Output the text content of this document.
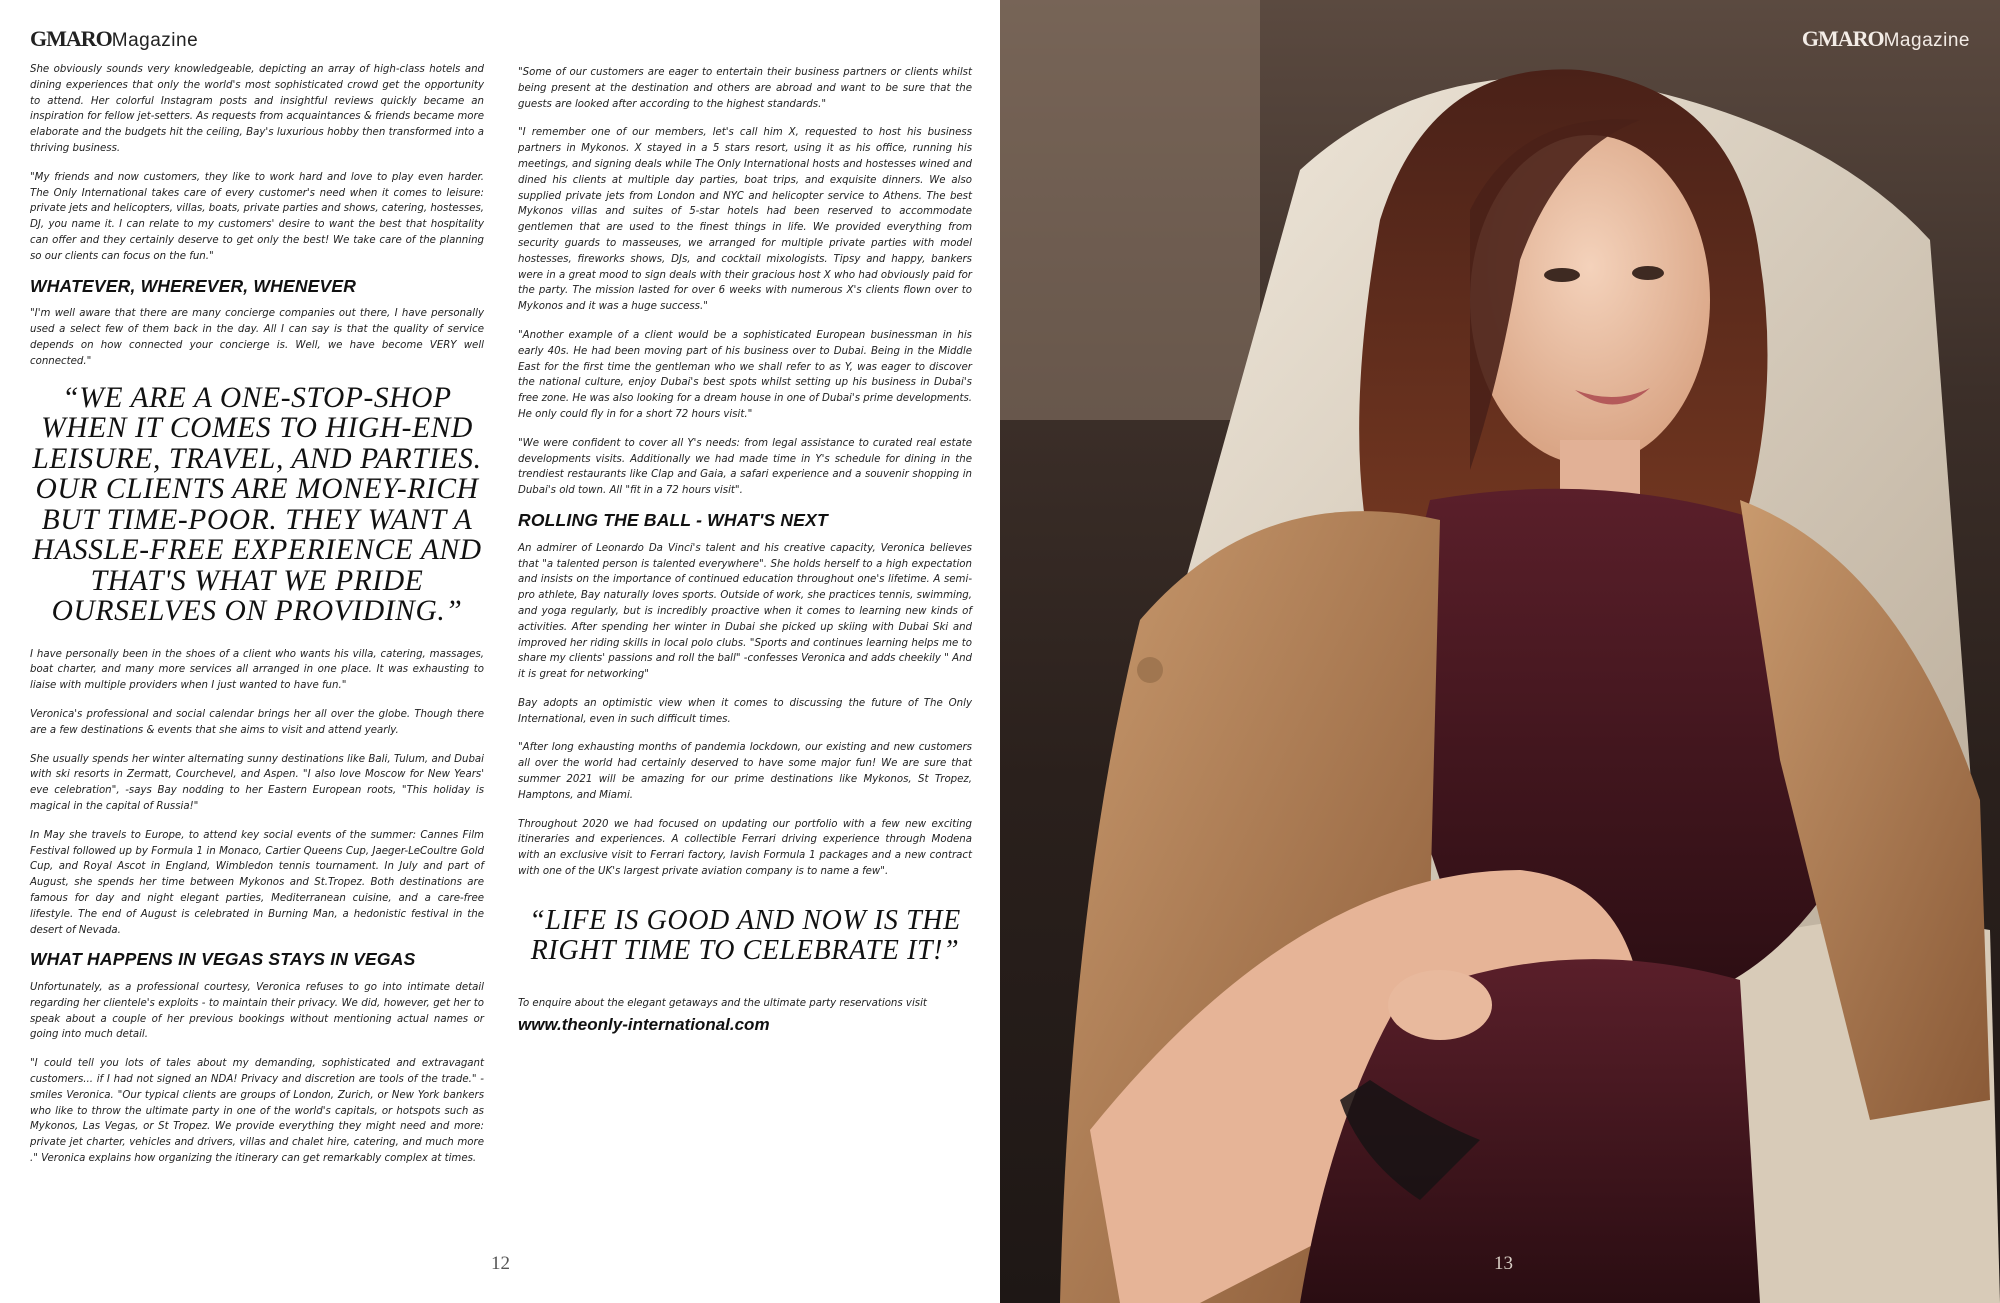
GMAROMagazine

She obviously sounds very knowledgeable, depicting an array of high-class hotels and dining experiences that only the world's most sophisticated crowd get the opportunity to attend. Her colorful Instagram posts and insightful reviews quickly became an inspiration for fellow jet-setters. As requests from acquaintances & friends became more elaborate and the budgets hit the ceiling, Bay's luxurious hobby then transformed into a thriving business.

"My friends and now customers, they like to work hard and love to play even harder. The Only International takes care of every customer's need when it comes to leisure: private jets and helicopters, villas, boats, private parties and shows, catering, hostesses, DJ, you name it. I can relate to my customers' desire to want the best that hospitality can offer and they certainly deserve to get only the best! We take care of the planning so our clients can focus on the fun."

WHATEVER, WHEREVER, WHENEVER

"I'm well aware that there are many concierge companies out there, I have personally used a select few of them back in the day. All I can say is that the quality of service depends on how connected your concierge is. Well, we have become VERY well connected."

“WE ARE A ONE-STOP-SHOP WHEN IT COMES TO HIGH-END LEISURE, TRAVEL, AND PARTIES. OUR CLIENTS ARE MONEY-RICH BUT TIME-POOR. THEY WANT A HASSLE-FREE EXPERIENCE AND THAT'S WHAT WE PRIDE OURSELVES ON PROVIDING.”

I have personally been in the shoes of a client who wants his villa, catering, massages, boat charter, and many more services all arranged in one place. It was exhausting to liaise with multiple providers when I just wanted to have fun."

Veronica's professional and social calendar brings her all over the globe. Though there are a few destinations & events that she aims to visit and attend yearly.

She usually spends her winter alternating sunny destinations like Bali, Tulum, and Dubai with ski resorts in Zermatt, Courchevel, and Aspen. "I also love Moscow for New Years' eve celebration", -says Bay nodding to her Eastern European roots, "This holiday is magical in the capital of Russia!"

In May she travels to Europe, to attend key social events of the summer: Cannes Film Festival followed up by Formula 1 in Monaco, Cartier Queens Cup, Jaeger-LeCoultre Gold Cup, and Royal Ascot in England, Wimbledon tennis tournament. In July and part of August, she spends her time between Mykonos and St.Tropez. Both destinations are famous for day and night elegant parties, Mediterranean cuisine, and a care-free lifestyle. The end of August is celebrated in Burning Man, a hedonistic festival in the desert of Nevada.

WHAT HAPPENS IN VEGAS STAYS IN VEGAS

Unfortunately, as a professional courtesy, Veronica refuses to go into intimate detail regarding her clientele's exploits - to maintain their privacy. We did, however, get her to speak about a couple of her previous bookings without mentioning actual names or going into much detail.

"I could tell you lots of tales about my demanding, sophisticated and extravagant customers... if I had not signed an NDA! Privacy and discretion are tools of the trade." - smiles Veronica. "Our typical clients are groups of London, Zurich, or New York bankers who like to throw the ultimate party in one of the world's capitals, or hotspots such as Mykonos, Las Vegas, or St Tropez. We provide everything they might need and more: private jet charter, vehicles and drivers, villas and chalet hire, catering, and much more ." Veronica explains how organizing the itinerary can get remarkably complex at times.

"Some of our customers are eager to entertain their business partners or clients whilst being present at the destination and others are abroad and want to be sure that the guests are looked after according to the highest standards."

"I remember one of our members, let's call him X, requested to host his business partners in Mykonos. X stayed in a 5 stars resort, using it as his office, running his meetings, and signing deals while The Only International hosts and hostesses wined and dined his clients at multiple day parties, boat trips, and exquisite dinners. We also supplied private jets from London and NYC and helicopter service to Athens. The best Mykonos villas and suites of 5-star hotels had been reserved to accommodate gentlemen that are used to the finest things in life. We provided everything from security guards to masseuses, we arranged for multiple private parties with model hostesses, fireworks shows, DJs, and cocktail mixologists. Tipsy and happy, bankers were in a great mood to sign deals with their gracious host X who had obviously paid for the party. The mission lasted for over 6 weeks with numerous X's clients flown over to Mykonos and it was a huge success."

"Another example of a client would be a sophisticated European businessman in his early 40s. He had been moving part of his business over to Dubai. Being in the Middle East for the first time the gentleman who we shall refer to as Y, was eager to discover the national culture, enjoy Dubai's best spots whilst setting up his business in Dubai's free zone. He was also looking for a dream house in one of Dubai's prime developments. He only could fly in for a short 72 hours visit."

"We were confident to cover all Y's needs: from legal assistance to curated real estate developments visits. Additionally we had made time in Y's schedule for dining in the trendiest restaurants like Clap and Gaia, a safari experience and a souvenir shopping in Dubai's old town. All "fit in a 72 hours visit".

ROLLING THE BALL - WHAT'S NEXT

An admirer of Leonardo Da Vinci's talent and his creative capacity, Veronica believes that "a talented person is talented everywhere". She holds herself to a high expectation and insists on the importance of continued education throughout one's lifetime. A semi-pro athlete, Bay naturally loves sports. Outside of work, she practices tennis, swimming, and yoga regularly, but is incredibly proactive when it comes to learning new kinds of activities. After spending her winter in Dubai she picked up skiing with Dubai Ski and improved her riding skills in local polo clubs. "Sports and continues learning helps me to share my clients' passions and roll the ball" -confesses Veronica and adds cheekily " And it is great for networking"

Bay adopts an optimistic view when it comes to discussing the future of The Only International, even in such difficult times.

"After long exhausting months of pandemia lockdown, our existing and new customers all over the world had certainly deserved to have some major fun! We are sure that summer 2021 will be amazing for our prime destinations like Mykonos, St Tropez, Hamptons, and Miami.

Throughout 2020 we had focused on updating our portfolio with a few new exciting itineraries and experiences. A collectible Ferrari driving experience through Modena with an exclusive visit to Ferrari factory, lavish Formula 1 packages and a new contract with one of the UK's largest private aviation company is to name a few".

“LIFE IS GOOD AND NOW IS THE RIGHT TIME TO CELEBRATE IT!”

To enquire about the elegant getaways and the ultimate party reservations visit

www.theonly-international.com
12
GMAROMagazine
13
